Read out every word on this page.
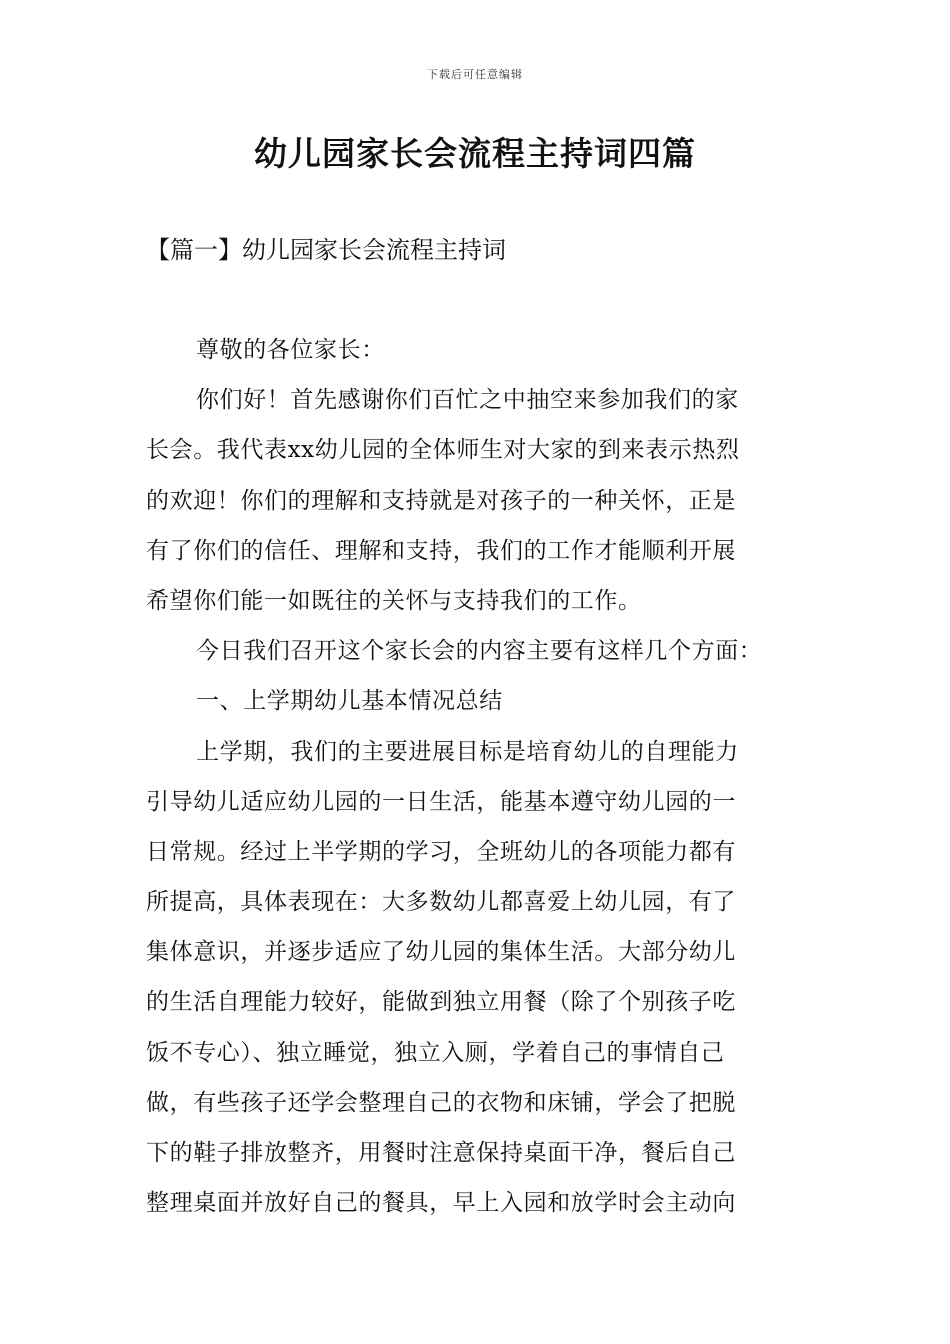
下载后可任意编辑
幼儿园家长会流程主持词四篇
【篇一】幼儿园家长会流程主持词
尊敬的各位家长：
你们好！首先感谢你们百忙之中抽空来参加我们的家
长会。我代表xx幼儿园的全体师生对大家的到来表示热烈
的欢迎！你们的理解和支持就是对孩子的一种关怀，正是
有了你们的信任、理解和支持，我们的工作才能顺利开展
希望你们能一如既往的关怀与支持我们的工作。
今日我们召开这个家长会的内容主要有这样几个方面：
一、上学期幼儿基本情况总结
上学期，我们的主要进展目标是培育幼儿的自理能力
引导幼儿适应幼儿园的一日生活，能基本遵守幼儿园的一
日常规。经过上半学期的学习，全班幼儿的各项能力都有
所提高，具体表现在：大多数幼儿都喜爱上幼儿园，有了
集体意识，并逐步适应了幼儿园的集体生活。大部分幼儿
的生活自理能力较好，能做到独立用餐（除了个别孩子吃
饭不专心）、独立睡觉，独立入厕，学着自己的事情自己
做，有些孩子还学会整理自己的衣物和床铺，学会了把脱
下的鞋子排放整齐，用餐时注意保持桌面干净，餐后自己
整理桌面并放好自己的餐具，早上入园和放学时会主动向
